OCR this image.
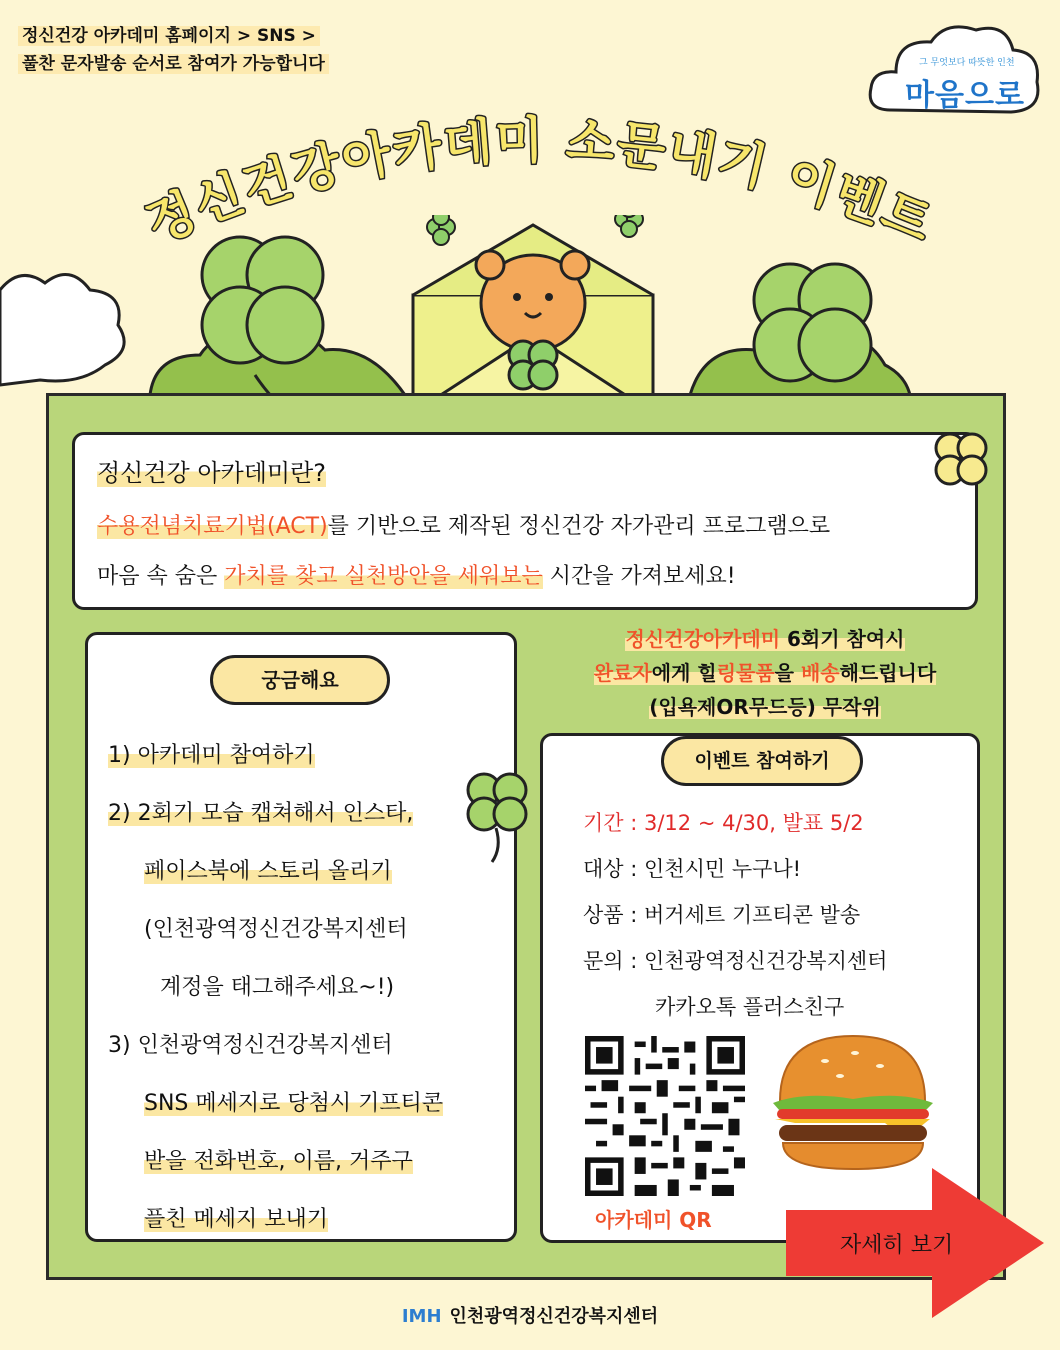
정신건강 아카데미 홈페이지 > SNS >
풀찬 문자발송 순서로 참여가 가능합니다	그 무엇보다 따뜻한 인천
마음으로
정신건강아카데미 소문내기 이벤트
정신건강 아카데미란?
수용전념치료기법(ACT)를 기반으로 제작된 정신건강 자가관리 프로그램으로
마음 속 숨은 가치를 찾고 실천방안을 세워보는 시간을 가져보세요!
궁금해요
1) 아카데미 참여하기
2) 2회기 모습 캡쳐해서 인스타,
페이스북에 스토리 올리기
(인천광역정신건강복지센터
계정을 태그해주세요~!)
3) 인천광역정신건강복지센터
SNS 메세지로 당첨시 기프티콘
받을 전화번호, 이름, 거주구
플친 메세지 보내기
정신건강아카데미 6회기 참여시
완료자에게 힐링물품을 배송해드립니다
(입욕제OR무드등) 무작위
이벤트 참여하기
기간 : 3/12 ~ 4/30, 발표 5/2
대상 : 인천시민 누구나!
상품 : 버거세트 기프티콘 발송
문의 : 인천광역정신건강복지센터
카카오톡 플러스친구
아카데미 QR
자세히 보기
IMH 인천광역정신건강복지센터
